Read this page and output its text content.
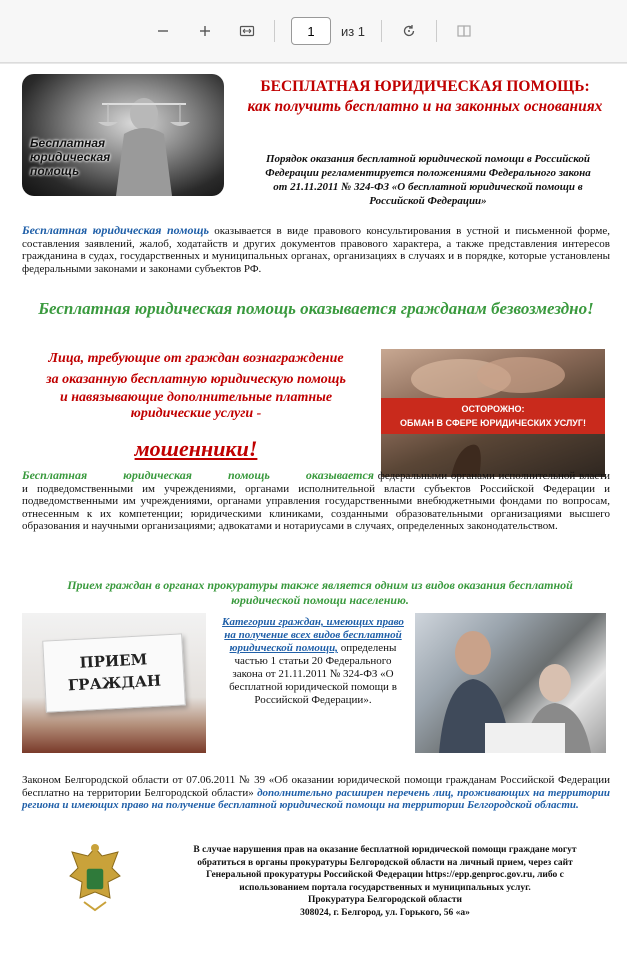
1
из 1
Бесплатная юридическая помощь
БЕСПЛАТНАЯ ЮРИДИЧЕСКАЯ ПОМОЩЬ:
как получить бесплатно и на законных основаниях
Порядок оказания бесплатной юридической помощи в Российской Федерации регламентируется положениями Федерального закона от 21.11.2011 № 324-ФЗ «О бесплатной юридической помощи в Российской Федерации»
Бесплатная юридическая помощь оказывается в виде правового консультирования в устной и письменной форме, составления заявлений, жалоб, ходатайств и других документов правового характера, а также представления интересов гражданина в судах, государственных и муниципальных органах, организациях в случаях и в порядке, которые установлены федеральными законами и законами субъектов РФ.
Бесплатная юридическая помощь оказывается гражданам безвозмездно!
Лица, требующие от граждан вознаграждение
за оказанную бесплатную юридическую помощь
и навязывающие дополнительные платные
юридические услуги -
мошенники!
ОСТОРОЖНО:
ОБМАН В СФЕРЕ ЮРИДИЧЕСКИХ УСЛУГ!
Бесплатная юридическая помощь оказывается федеральными органами исполнительной власти и подведомственными им учреждениями, органами исполнительной власти субъектов Российской Федерации и подведомственными им учреждениями, органами управления государственными внебюджетными фондами по вопросам, отнесенным к их компетенции; юридическими клиниками, созданными образовательными организациями высшего образования и научными организациями; адвокатами и нотариусами в случаях, определенных законодательством.
Прием граждан в органах прокуратуры также является одним из видов оказания бесплатной юридической помощи населению.
ПРИЕМ
ГРАЖДАН
Категории граждан, имеющих право на получение всех видов бесплатной юридической помощи, определены частью 1 статьи 20 Федерального закона от 21.11.2011 № 324-ФЗ «О бесплатной юридической помощи в Российской Федерации».
Законом Белгородской области от 07.06.2011 № 39 «Об оказании юридической помощи гражданам Российской Федерации бесплатно на территории Белгородской области» дополнительно расширен перечень лиц, проживающих на территории региона и имеющих право на получение бесплатной юридической помощи на территории Белгородской области.
В случае нарушения прав на оказание бесплатной юридической помощи граждане могут
обратиться в органы прокуратуры Белгородской области на личный прием, через сайт
Генеральной прокуратуры Российской Федерации https://epp.genproc.gov.ru, либо с
использованием портала государственных и муниципальных услуг.
Прокуратура Белгородской области
308024, г. Белгород, ул. Горького, 56 «а»
